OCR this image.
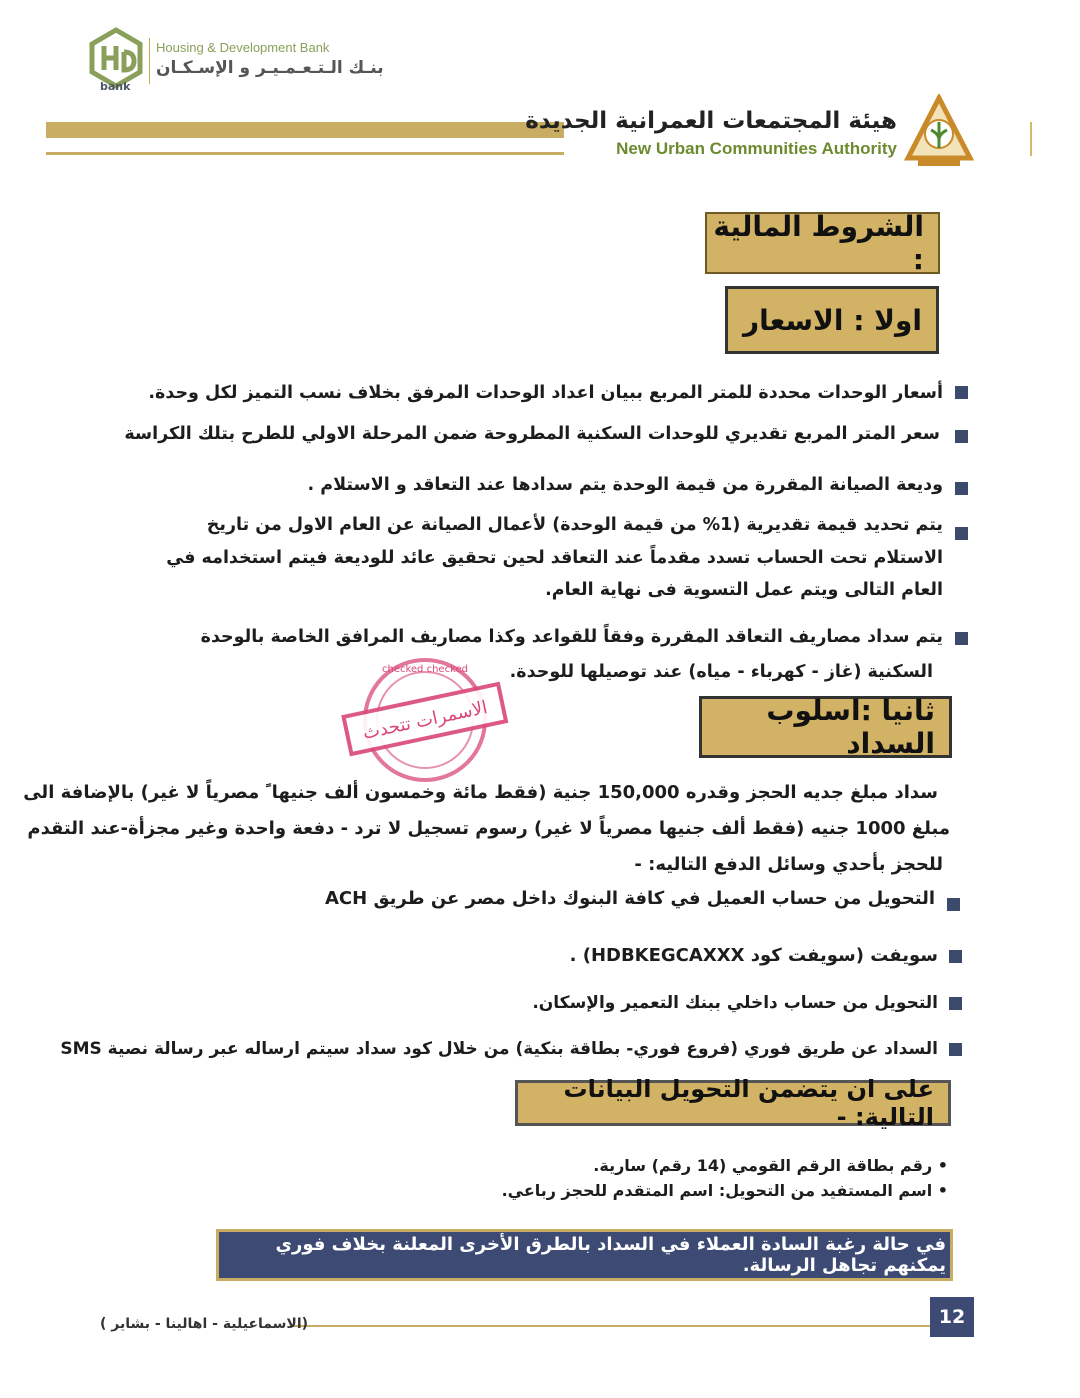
bank
Housing & Development Bank
بنـك الـتـعـمـيـر و الإسـكـان
هيئة المجتمعات العمرانية الجديدة
New Urban Communities Authority
الشروط المالية :
اولا : الاسعار
أسعار الوحدات محددة للمتر المربع ببيان اعداد الوحدات المرفق بخلاف نسب التميز لكل وحدة.
سعر المتر المربع تقديري للوحدات السكنية المطروحة ضمن المرحلة الاولي للطرح بتلك الكراسة
وديعة الصيانة المقررة من قيمة الوحدة يتم سدادها عند التعاقد و الاستلام .
يتم تحديد قيمة تقديرية (1% من قيمة الوحدة) لأعمال الصيانة عن العام الاول من تاريخ
الاستلام تحت الحساب تسدد مقدماً عند التعاقد لحين تحقيق عائد للوديعة فيتم استخدامه في
العام التالى ويتم عمل التسوية فى نهاية العام.
يتم سداد مصاريف التعاقد المقررة وفقاً للقواعد وكذا مصاريف المرافق الخاصة بالوحدة
السكنية (غاز - كهرباء - مياه) عند توصيلها للوحدة.
الاسمرات تتحدث
checked checked
ثانيا :اسلوب السداد
سداد مبلغ جديه الحجز وقدره 150,000 جنية (فقط مائة وخمسون ألف جنيها ً مصرياً لا غير) بالإضافة الى
مبلغ 1000 جنيه (فقط ألف جنيها مصرياً لا غير) رسوم تسجيل لا ترد - دفعة واحدة وغير مجزأة-عند التقدم
للحجز بأحدي وسائل الدفع التاليه: -
التحويل من حساب العميل في كافة البنوك داخل مصر عن طريق ACH
سويفت (سويفت كود HDBKEGCAXXX) .
التحويل من حساب داخلي ببنك التعمير والإسكان.
السداد عن طريق فوري (فروع فوري- بطاقة بنكية) من خلال كود سداد سيتم ارساله عبر رسالة نصية SMS
على ان يتضمن التحويل البيانات التالية: -
• رقم بطاقة الرقم القومي (14 رقم) سارية.
• اسم المستفيد من التحويل: اسم المتقدم للحجز رباعي.
في حالة رغبة السادة العملاء في السداد بالطرق الأخرى المعلنة بخلاف فوري يمكنهم تجاهل الرسالة.
12
(الاسماعيلية - اهالينا - بشاير )
